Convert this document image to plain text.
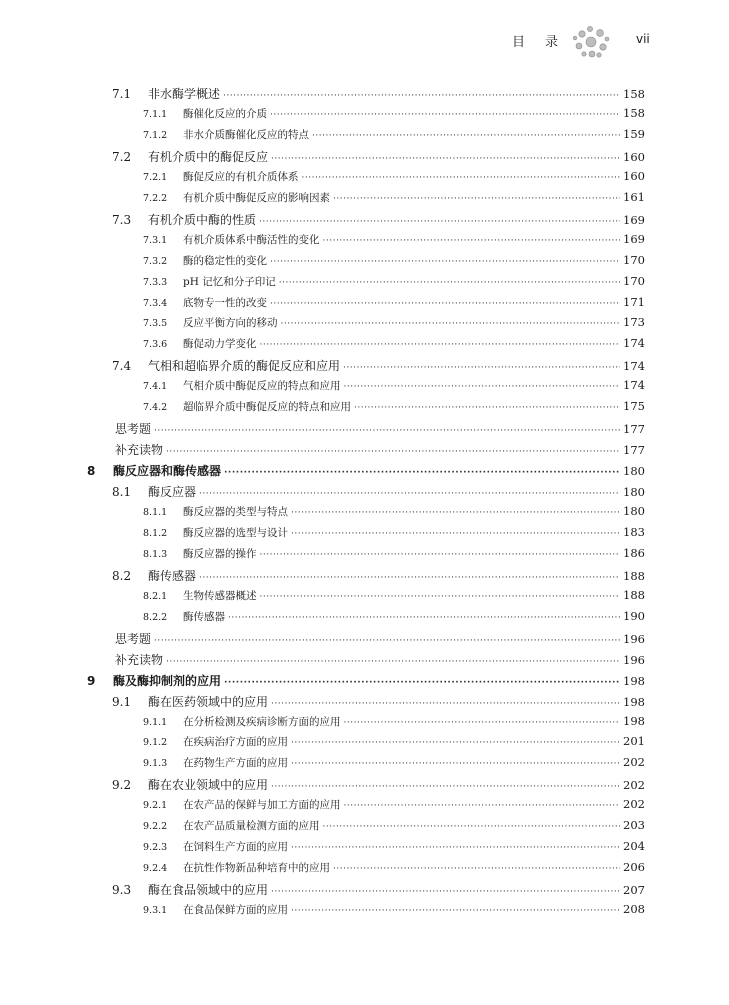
目 录	vii
7.1	非水酶学概述 ·····	158
7.1.1	酶催化反应的介质 ·····	158
7.1.2	非水介质酶催化反应的特点 ·····	159
7.2	有机介质中的酶促反应 ·····	160
7.2.1	酶促反应的有机介质体系 ·····	160
7.2.2	有机介质中酶促反应的影响因素 ·····	161
7.3	有机介质中酶的性质 ·····	169
7.3.1	有机介质体系中酶活性的变化 ·····	169
7.3.2	酶的稳定性的变化 ·····	170
7.3.3	pH 记忆和分子印记 ·····	170
7.3.4	底物专一性的改变 ·····	171
7.3.5	反应平衡方向的移动 ·····	173
7.3.6	酶促动力学变化 ·····	174
7.4	气相和超临界介质的酶促反应和应用 ·····	174
7.4.1	气相介质中酶促反应的特点和应用 ·····	174
7.4.2	超临界介质中酶促反应的特点和应用 ·····	175
思考题 ·····	177
补充读物 ·····	177
8	酶反应器和酶传感器 ·····	180
8.1	酶反应器 ·····	180
8.1.1	酶反应器的类型与特点 ·····	180
8.1.2	酶反应器的选型与设计 ·····	183
8.1.3	酶反应器的操作 ·····	186
8.2	酶传感器 ·····	188
8.2.1	生物传感器概述 ·····	188
8.2.2	酶传感器 ·····	190
思考题 ·····	196
补充读物 ·····	196
9	酶及酶抑制剂的应用 ·····	198
9.1	酶在医药领域中的应用 ·····	198
9.1.1	在分析检测及疾病诊断方面的应用 ·····	198
9.1.2	在疾病治疗方面的应用 ·····	201
9.1.3	在药物生产方面的应用 ·····	202
9.2	酶在农业领域中的应用 ·····	202
9.2.1	在农产品的保鲜与加工方面的应用 ·····	202
9.2.2	在农产品质量检测方面的应用 ·····	203
9.2.3	在饲料生产方面的应用 ·····	204
9.2.4	在抗性作物新品种培育中的应用 ·····	206
9.3	酶在食品领域中的应用 ·····	207
9.3.1	在食品保鲜方面的应用 ·····	208
